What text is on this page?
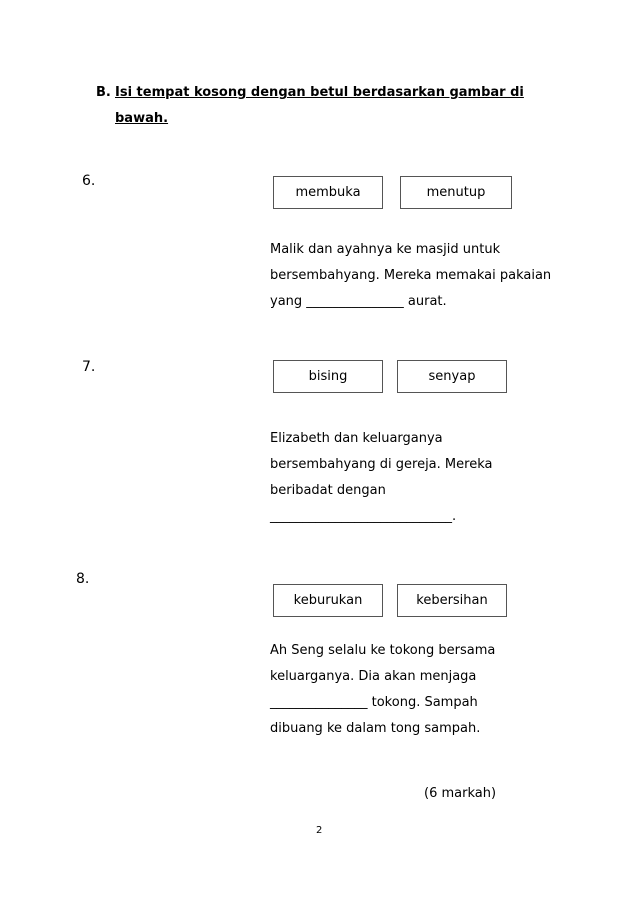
B. Isi tempat kosong dengan betul berdasarkan gambar di
bawah.
6.
membuka	menutup
Malik dan ayahnya ke masjid untuk
bersembahyang. Mereka memakai pakaian
yang _______________ aurat.
7.
bising	senyap
Elizabeth dan keluarganya
bersembahyang di gereja. Mereka
beribadat dengan
____________________________.
8.
keburukan	kebersihan
Ah Seng selalu ke tokong bersama
keluarganya. Dia akan menjaga
_______________ tokong. Sampah
dibuang ke dalam tong sampah.
(6 markah)
2
